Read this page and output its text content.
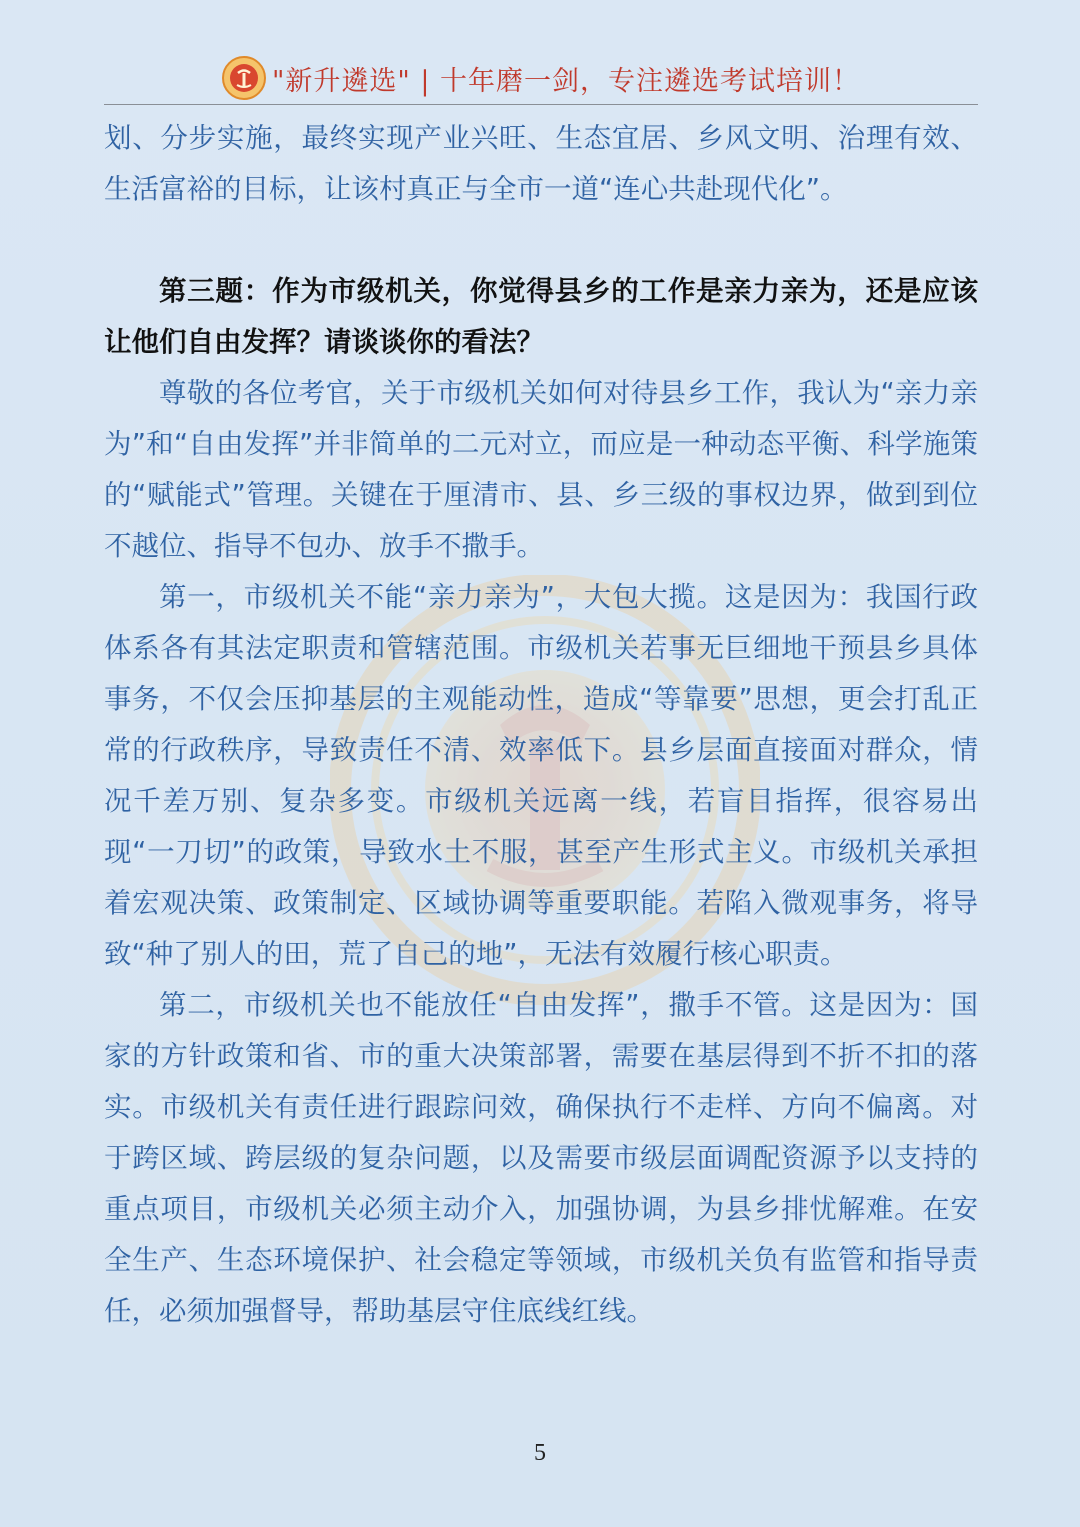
"新升遴选" | 十年磨一剑，专注遴选考试培训！

划、分步实施，最终实现产业兴旺、生态宜居、乡风文明、治理有效、生活富裕的目标，让该村真正与全市一道“连心共赴现代化”。

第三题：作为市级机关，你觉得县乡的工作是亲力亲为，还是应该让他们自由发挥？请谈谈你的看法？

尊敬的各位考官，关于市级机关如何对待县乡工作，我认为“亲力亲为”和“自由发挥”并非简单的二元对立，而应是一种动态平衡、科学施策的“赋能式”管理。关键在于厘清市、县、乡三级的事权边界，做到到位不越位、指导不包办、放手不撒手。

第一，市级机关不能“亲力亲为”，大包大揽。这是因为：我国行政体系各有其法定职责和管辖范围。市级机关若事无巨细地干预县乡具体事务，不仅会压抑基层的主观能动性，造成“等靠要”思想，更会打乱正常的行政秩序，导致责任不清、效率低下。县乡层面直接面对群众，情况千差万别、复杂多变。市级机关远离一线，若盲目指挥，很容易出现“一刀切”的政策，导致水土不服，甚至产生形式主义。市级机关承担着宏观决策、政策制定、区域协调等重要职能。若陷入微观事务，将导致“种了别人的田，荒了自己的地”，无法有效履行核心职责。

第二，市级机关也不能放任“自由发挥”，撒手不管。这是因为：国家的方针政策和省、市的重大决策部署，需要在基层得到不折不扣的落实。市级机关有责任进行跟踪问效，确保执行不走样、方向不偏离。对于跨区域、跨层级的复杂问题，以及需要市级层面调配资源予以支持的重点项目，市级机关必须主动介入，加强协调，为县乡排忧解难。在安全生产、生态环境保护、社会稳定等领域，市级机关负有监管和指导责任，必须加强督导，帮助基层守住底线红线。

5
